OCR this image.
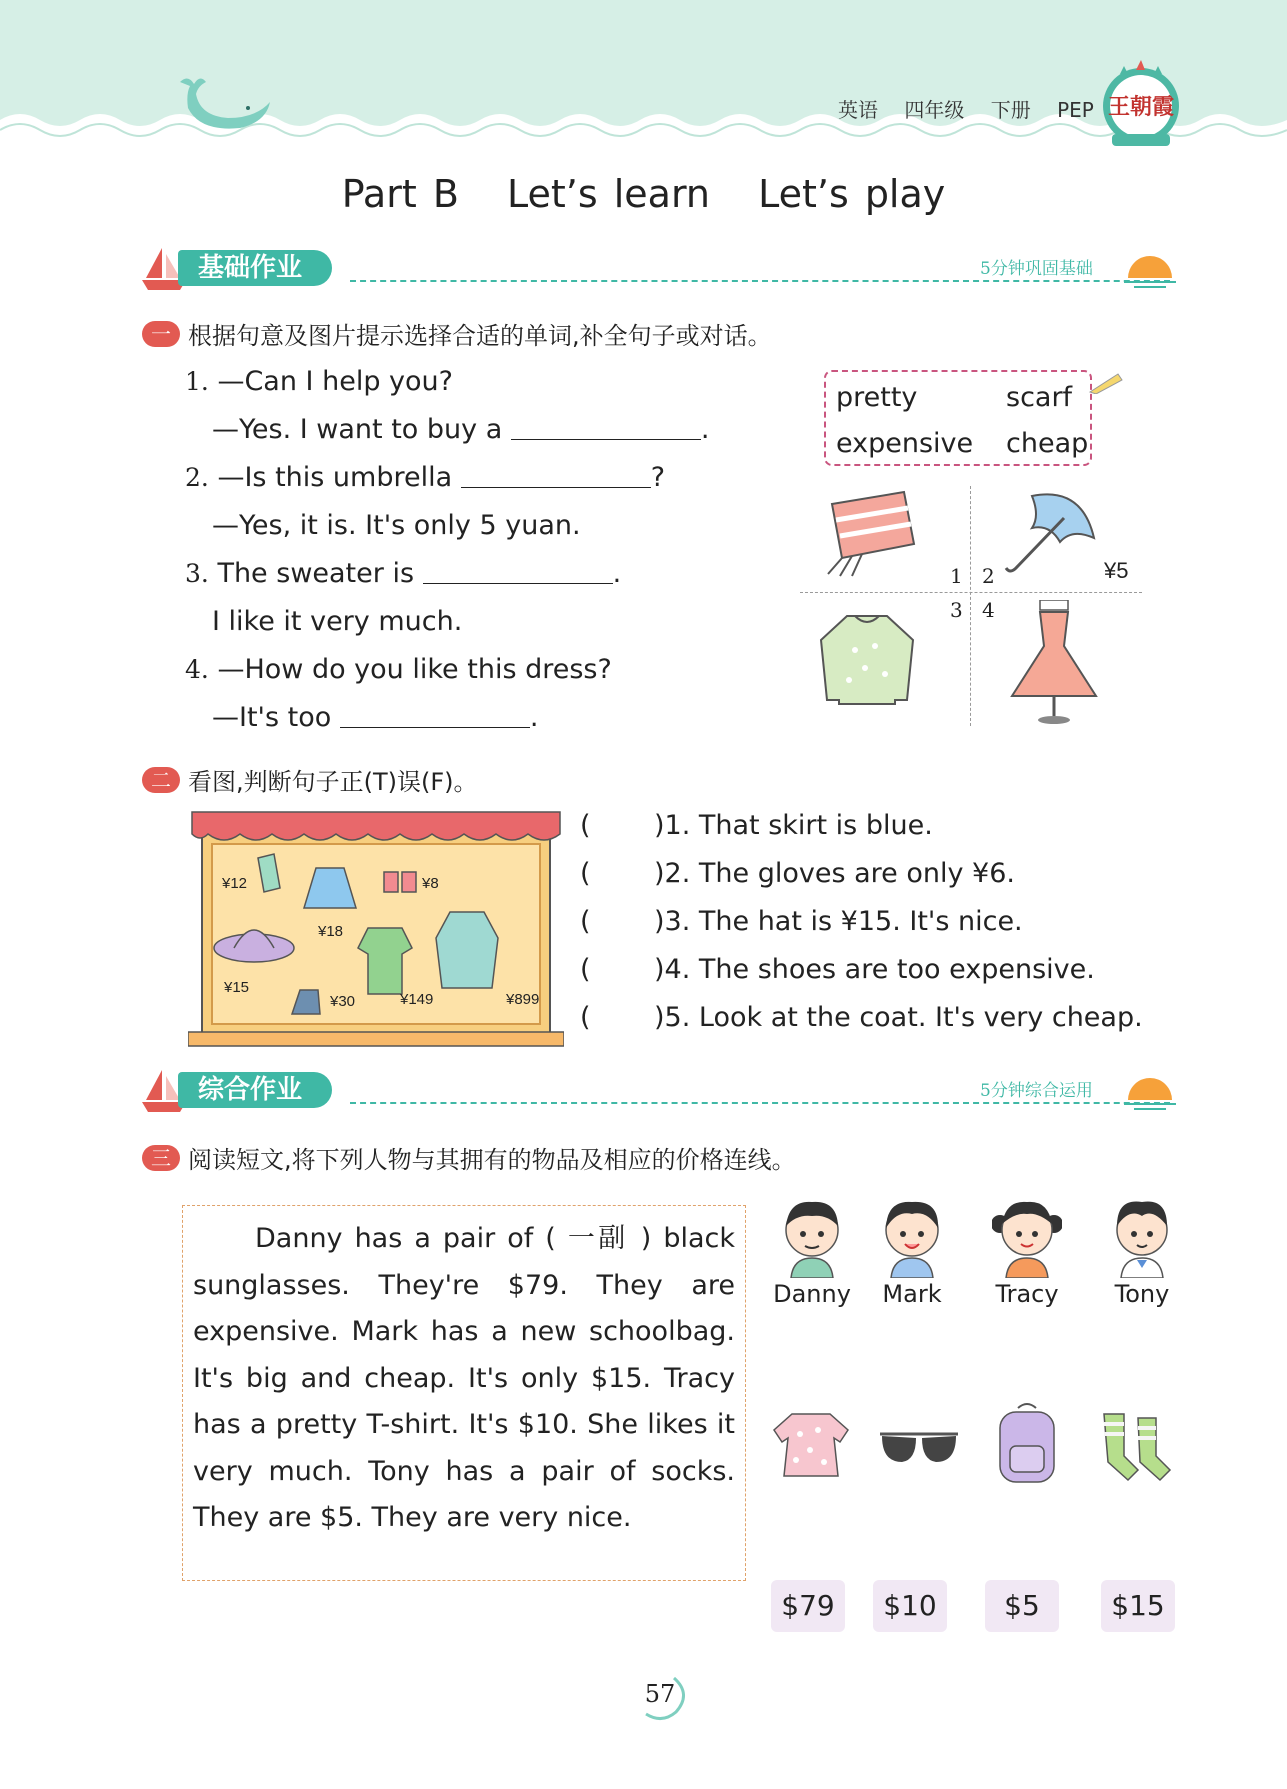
英语 四年级 下册 PEP 王朝霞
Part B Let’s learn Let’s play
基础作业	5分钟巩固基础
一 根据句意及图片提示选择合适的单词,补全句子或对话。
1. —Can I help you?
—Yes. I want to buy a	.
2. —Is this umbrella	?
—Yes, it is. It's only 5 yuan.
3. The sweater is	.
I like it very much.
4. —How do you like this dress?
—It's too	.
pretty	scarf
expensive cheap
1 2	¥5
3 4
二 看图,判断句子正(T)误(F)。
¥12	¥8
¥18
¥15
¥30	¥149	¥899
( )1. That skirt is blue.
( )2. The gloves are only ¥6.
( )3. The hat is ¥15. It's nice.
( )4. The shoes are too expensive.
( )5. Look at the coat. It's very cheap.
综合作业	5分钟综合运用
三 阅读短文,将下列人物与其拥有的物品及相应的价格连线。

Danny has a pair of ( 一副 ) black sunglasses. They're $79. They are expensive. Mark has a new schoolbag. It's big and cheap. It's only $15. Tracy has a pretty T-shirt. It's $10. She likes it very much. Tony has a pair of socks. They are $5. They are very nice.

Danny	Mark	Tracy	Tony
$79	$10	$5	$15
57
